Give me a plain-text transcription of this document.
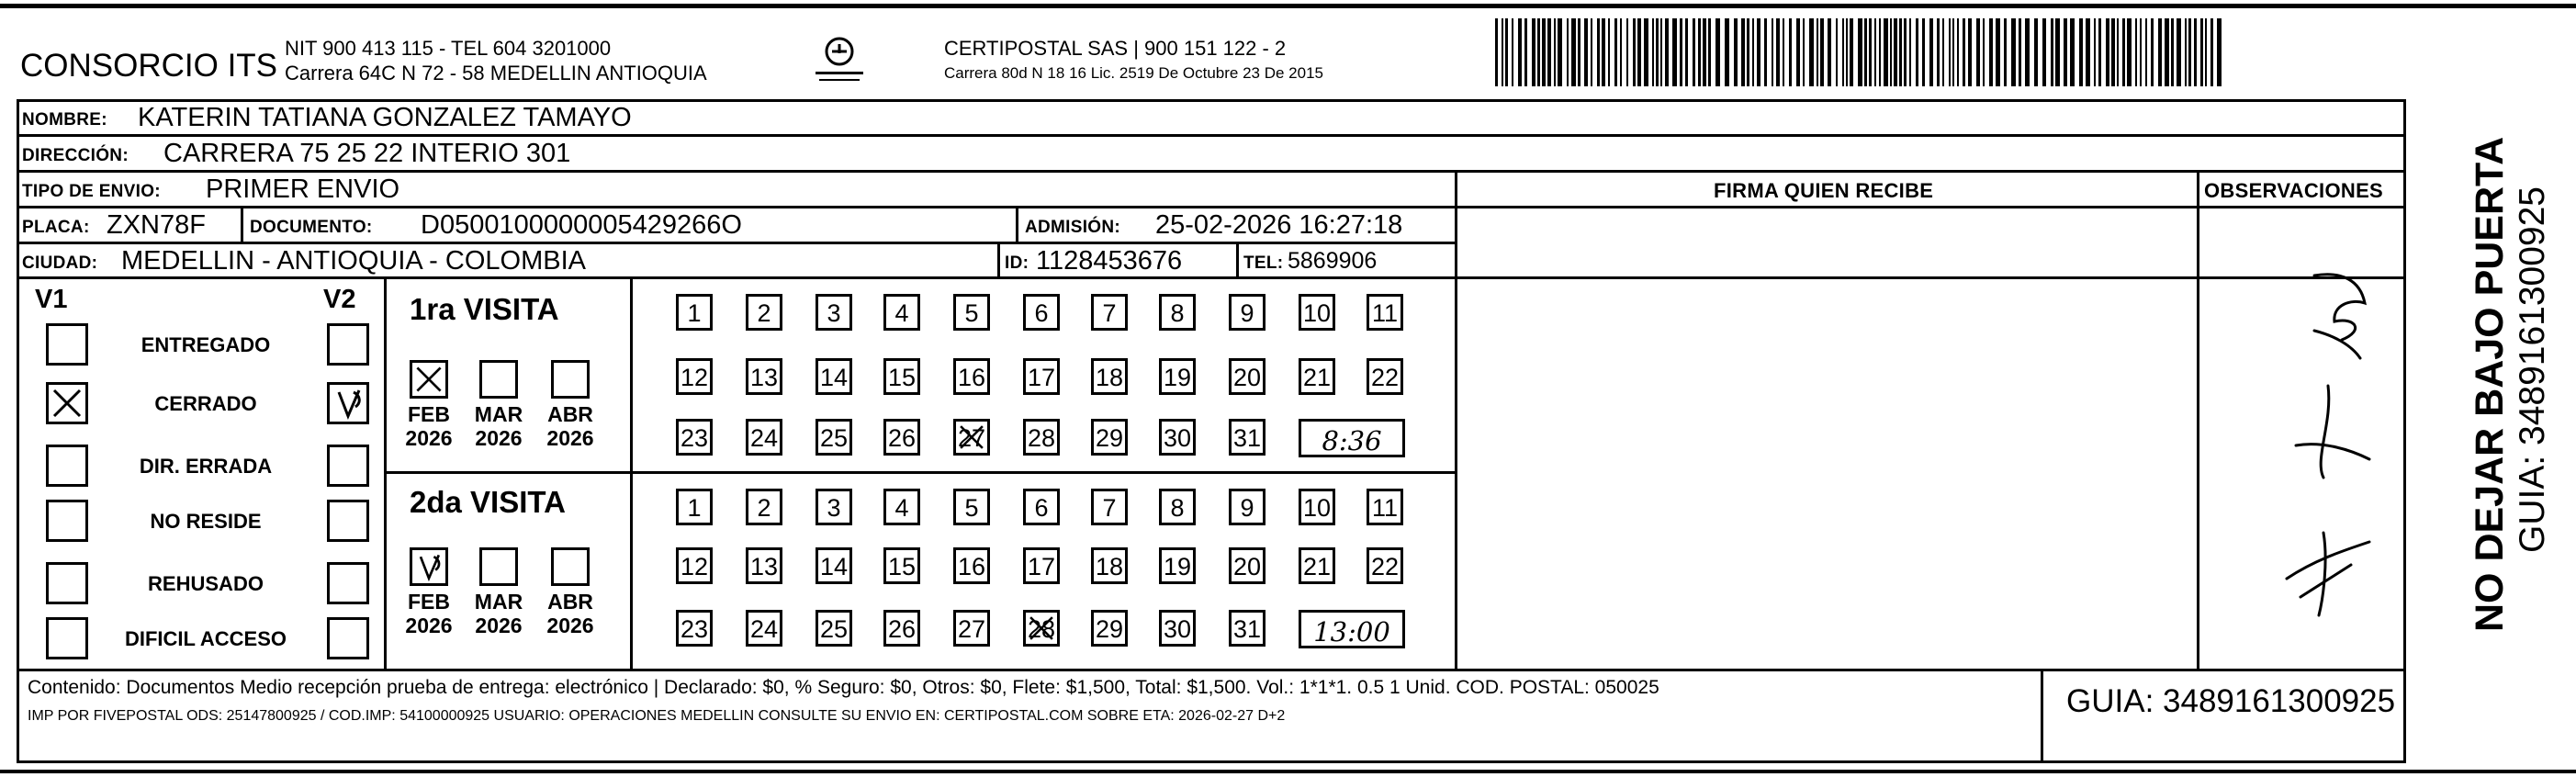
CONSORCIO ITS NIT 900 413 115 - TEL 604 3201000
Carrera 64C N 72 - 58 MEDELLIN ANTIOQUIA
CERTIPOSTAL SAS | 900 151 122 - 2
Carrera 80d N 18 16 Lic. 2519 De Octubre 23 De 2015
NOMBRE: KATERIN TATIANA GONZALEZ TAMAYO
DIRECCIÓN: CARRERA 75 25 22 INTERIO 301
TIPO DE ENVIO: PRIMER ENVIO
PLACA: ZXN78F	DOCUMENTO: D0500100000005429266O	ADMISIÓN: 25-02-2026 16:27:18
CIUDAD: MEDELLIN - ANTIOQUIA - COLOMBIA	ID: 1128453676	TEL: 5869906
FIRMA QUIEN RECIBE	OBSERVACIONES
V1	V2
ENTREGADO
CERRADO
DIR. ERRADA
NO RESIDE
REHUSADO
DIFICIL ACCESO
1ra VISITA
FEB
2026
MAR
2026
ABR
2026
1	2	3	4	5	6	7	8	9	10 11
12 13 14 15 16 17 18 19 20 21 22
23 24 25 26 27 28 29 30 31	8:36
2da VISITA
FEB
2026
MAR
2026
ABR
2026
1	2	3	4	5	6	7	8	9	10 11
12 13 14 15 16 17 18 19 20 21 22
23 24 25 26 27 28 29 30 31	13:00
Contenido: Documentos Medio recepción prueba de entrega: electrónico | Declarado: $0, % Seguro: $0, Otros: $0, Flete: $1,500, Total: $1,500. Vol.: 1*1*1. 0.5 1 Unid. COD. POSTAL: 050025
IMP POR FIVEPOSTAL ODS: 25147800925 / COD.IMP: 54100000925 USUARIO: OPERACIONES MEDELLIN CONSULTE SU ENVIO EN: CERTIPOSTAL.COM SOBRE ETA: 2026-02-27 D+2	GUIA: 3489161300925
NO DEJAR BAJO PUERTA GUIA: 3489161300925
